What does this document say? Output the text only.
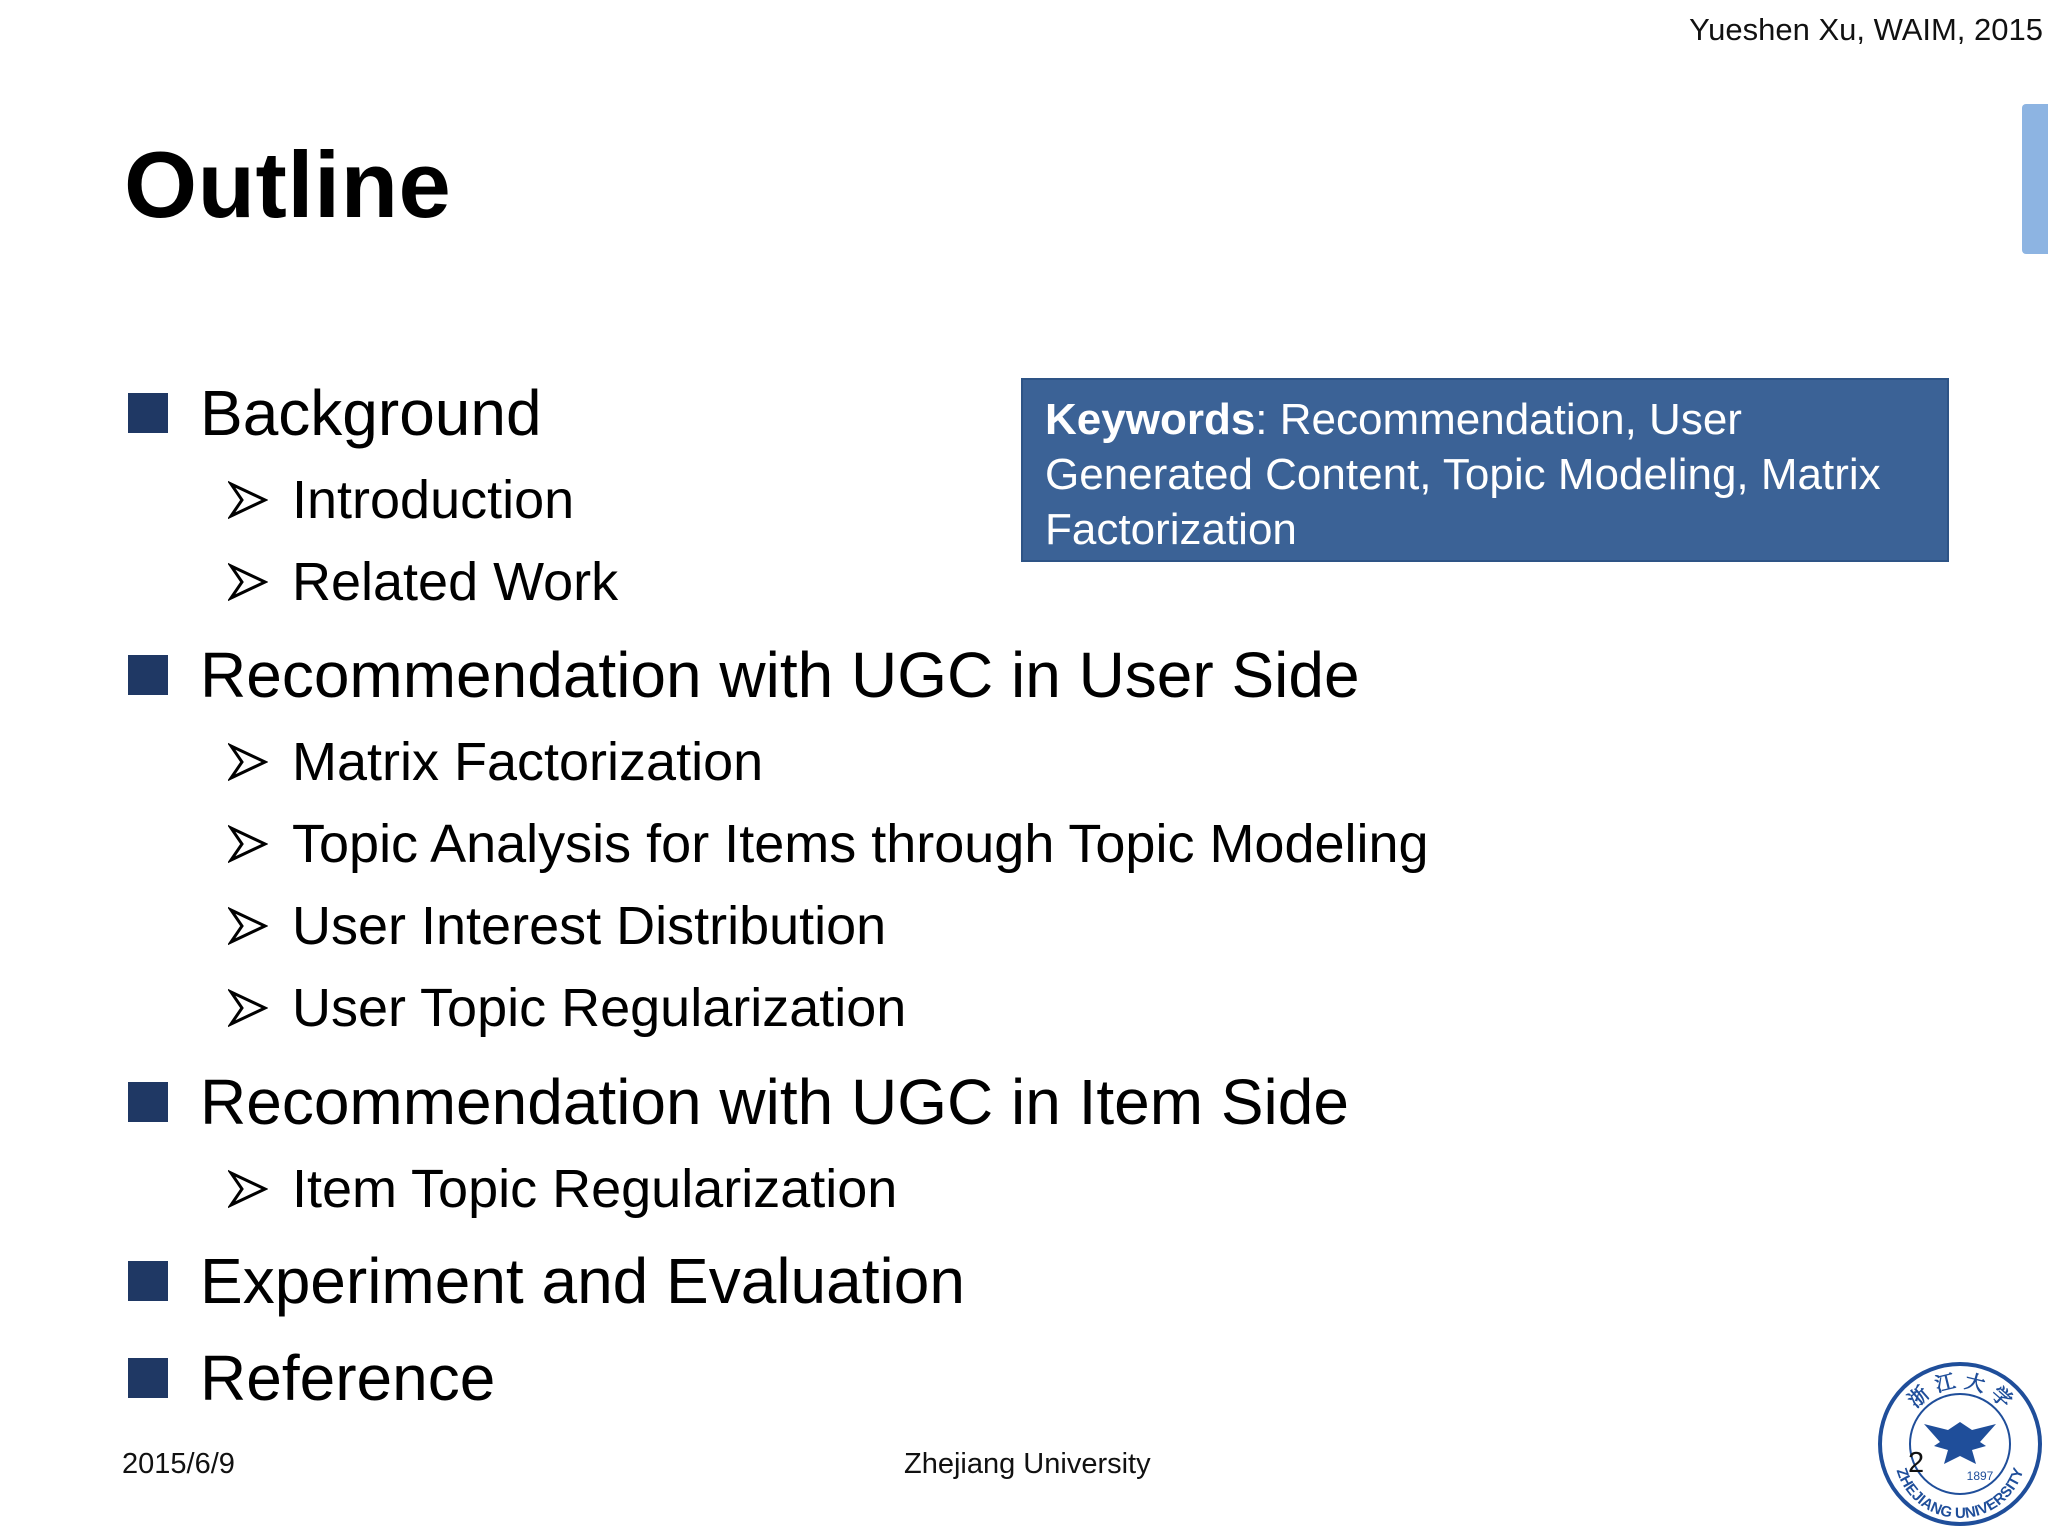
Yueshen Xu, WAIM, 2015
Outline
Background
Introduction
Related Work
Recommendation with UGC in User Side
Matrix Factorization
Topic Analysis for Items through Topic Modeling
User Interest Distribution
User Topic Regularization
Recommendation with UGC in Item Side
Item Topic Regularization
Experiment and Evaluation
Reference
Keywords: Recommendation, User Generated Content, Topic Modeling, Matrix Factorization
2015/6/9	Zhejiang University
浙 江 大 学
ZHEJIANG UNIVERSITY
1897
2
